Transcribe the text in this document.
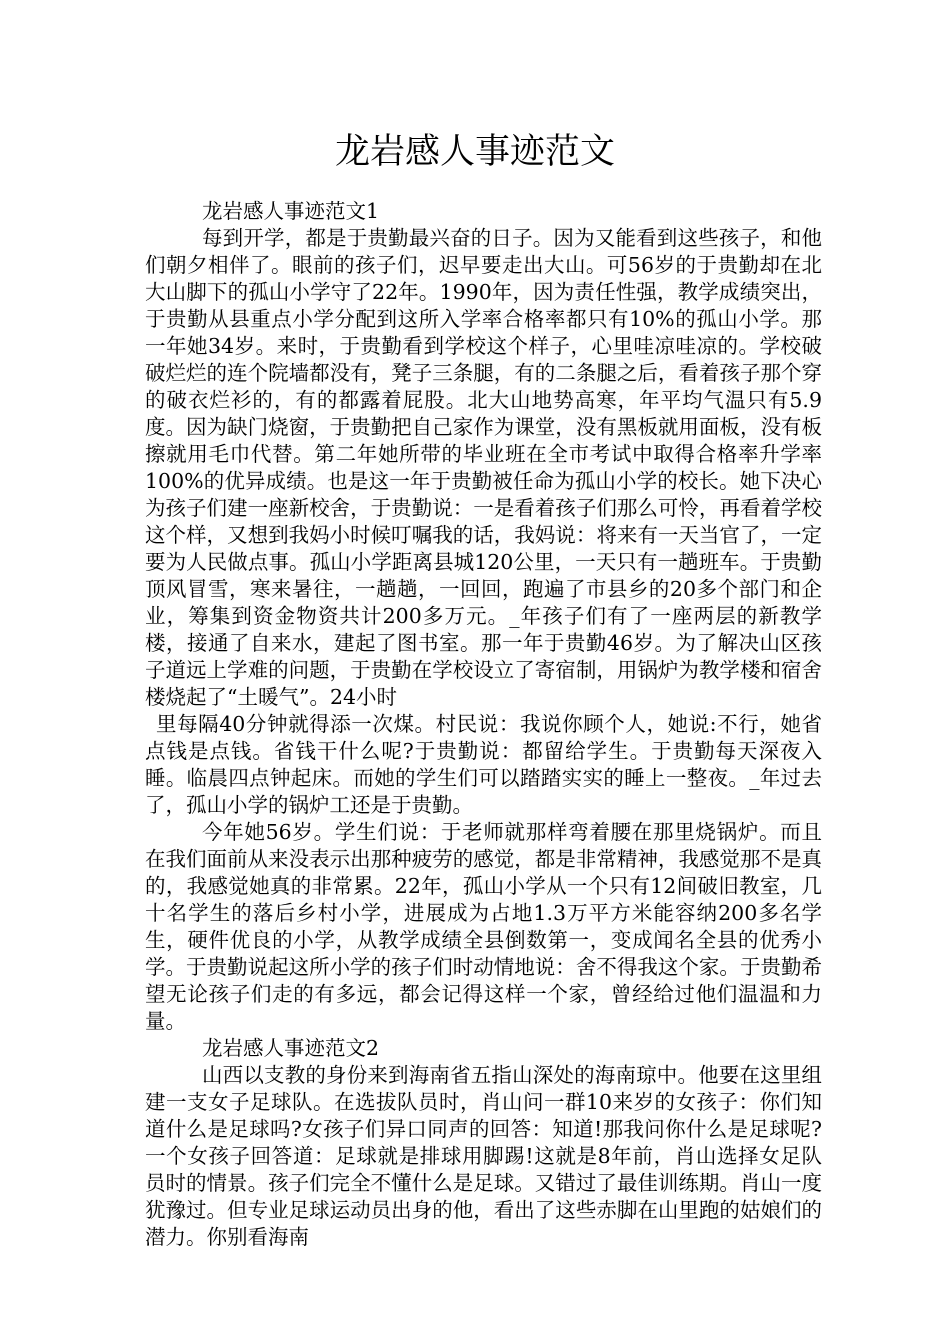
龙岩感人事迹范文

龙岩感人事迹范文1

每到开学，都是于贵勤最兴奋的日子。因为又能看到这些孩子，和他们朝夕相伴了。眼前的孩子们，迟早要走出大山。可56岁的于贵勤却在北大山脚下的孤山小学守了22年。1990年，因为责任性强，教学成绩突出，于贵勤从县重点小学分配到这所入学率合格率都只有10%的孤山小学。那一年她34岁。来时，于贵勤看到学校这个样子，心里哇凉哇凉的。学校破破烂烂的连个院墙都没有，凳子三条腿，有的二条腿之后，看着孩子那个穿的破衣烂衫的，有的都露着屁股。北大山地势高寒，年平均气温只有5.9度。因为缺门烧窗，于贵勤把自己家作为课堂，没有黑板就用面板，没有板擦就用毛巾代替。第二年她所带的毕业班在全市考试中取得合格率升学率100%的优异成绩。也是这一年于贵勤被任命为孤山小学的校长。她下决心为孩子们建一座新校舍，于贵勤说：一是看着孩子们那么可怜，再看着学校这个样，又想到我妈小时候叮嘱我的话，我妈说：将来有一天当官了，一定要为人民做点事。孤山小学距离县城120公里，一天只有一趟班车。于贵勤顶风冒雪，寒来暑往，一趟趟，一回回，跑遍了市县乡的20多个部门和企业，筹集到资金物资共计200多万元。_年孩子们有了一座两层的新教学楼，接通了自来水，建起了图书室。那一年于贵勤46岁。为了解决山区孩子道远上学难的问题，于贵勤在学校设立了寄宿制，用锅炉为教学楼和宿舍楼烧起了“土暖气”。24小时

里每隔40分钟就得添一次煤。村民说：我说你顾个人，她说:不行，她省点钱是点钱。省钱干什么呢?于贵勤说：都留给学生。于贵勤每天深夜入睡。临晨四点钟起床。而她的学生们可以踏踏实实的睡上一整夜。_年过去了，孤山小学的锅炉工还是于贵勤。

今年她56岁。学生们说：于老师就那样弯着腰在那里烧锅炉。而且在我们面前从来没表示出那种疲劳的感觉，都是非常精神，我感觉那不是真的，我感觉她真的非常累。22年，孤山小学从一个只有12间破旧教室，几十名学生的落后乡村小学，进展成为占地1.3万平方米能容纳200多名学生，硬件优良的小学，从教学成绩全县倒数第一，变成闻名全县的优秀小学。于贵勤说起这所小学的孩子们时动情地说：舍不得我这个家。于贵勤希望无论孩子们走的有多远，都会记得这样一个家，曾经给过他们温温和力量。

龙岩感人事迹范文2

山西以支教的身份来到海南省五指山深处的海南琼中。他要在这里组建一支女子足球队。在选拔队员时，肖山问一群10来岁的女孩子：你们知道什么是足球吗?女孩子们异口同声的回答：知道!那我问你什么是足球呢?一个女孩子回答道：足球就是排球用脚踢!这就是8年前，肖山选择女足队员时的情景。孩子们完全不懂什么是足球。又错过了最佳训练期。肖山一度犹豫过。但专业足球运动员出身的他，看出了这些赤脚在山里跑的姑娘们的潜力。你别看海南
